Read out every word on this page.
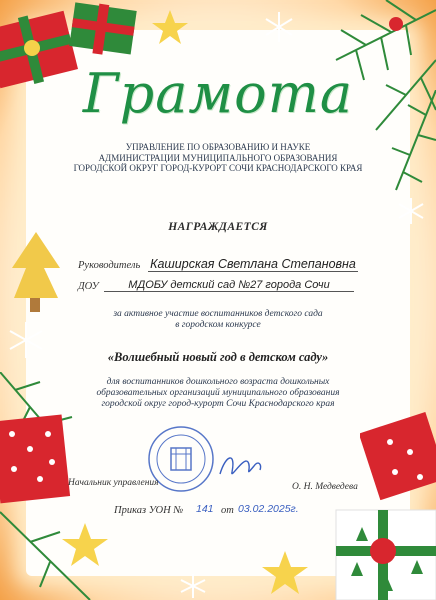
Грамота
УПРАВЛЕНИЕ ПО ОБРАЗОВАНИЮ И НАУКЕ
АДМИНИСТРАЦИИ МУНИЦИПАЛЬНОГО ОБРАЗОВАНИЯ
ГОРОДСКОЙ ОКРУГ ГОРОД-КУРОРТ СОЧИ КРАСНОДАРСКОГО КРАЯ
НАГРАЖДАЕТСЯ
Руководитель Каширская Светлана Степановна
ДОУ	МДОБУ детский сад №27 города Сочи
за активное участие воспитанников детского сада
в городском конкурсе
«Волшебный новый год в детском саду»
для воспитанников дошкольного возраста дошкольных
образовательных организаций муниципального образования
городской округ город-курорт Сочи Краснодарского края
Начальник управления	О. Н. Медведева
Приказ УОН № 141 от 03.02.2025г.
